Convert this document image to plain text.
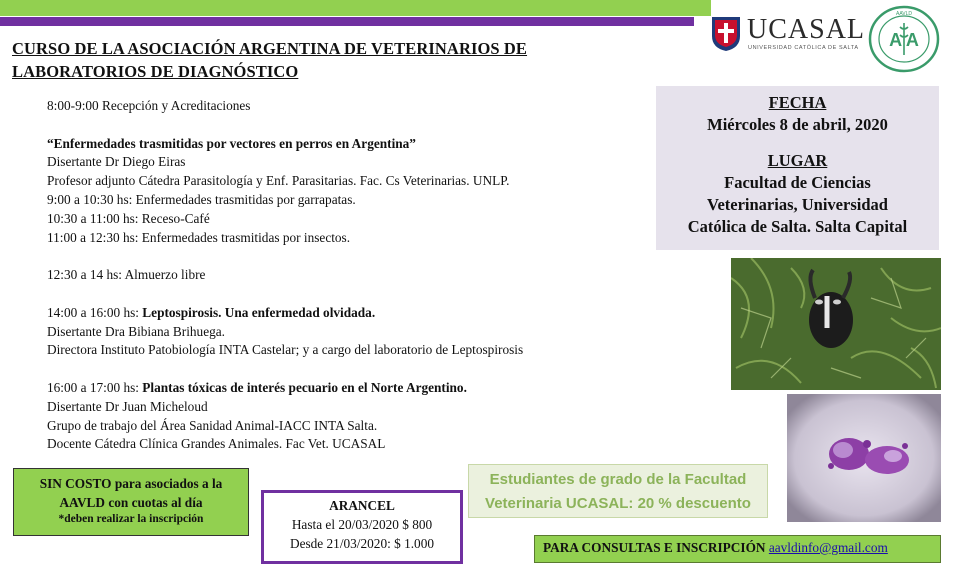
CURSO DE LA ASOCIACIÓN ARGENTINA DE VETERINARIOS DE
LABORATORIOS DE DIAGNÓSTICO
UCASAL
UNIVERSIDAD CATÓLICA DE SALTA A A
AAVLD

8:00-9:00 Recepción y Acreditaciones

“Enfermedades trasmitidas por vectores en perros en Argentina”

Disertante Dr Diego Eiras

Profesor adjunto Cátedra Parasitología y Enf. Parasitarias. Fac. Cs Veterinarias. UNLP.

9:00 a 10:30 hs: Enfermedades trasmitidas por garrapatas.

10:30 a 11:00 hs: Receso-Café

11:00 a 12:30 hs: Enfermedades trasmitidas por insectos.

12:30 a 14 hs: Almuerzo libre

14:00 a 16:00 hs: Leptospirosis. Una enfermedad olvidada.

Disertante Dra Bibiana Brihuega.

Directora Instituto Patobiología INTA Castelar; y a cargo del laboratorio de Leptospirosis

16:00 a 17:00 hs: Plantas tóxicas de interés pecuario en el Norte Argentino.

Disertante Dr Juan Micheloud

Grupo de trabajo del Área Sanidad Animal-IACC INTA Salta.

Docente Cátedra Clínica Grandes Animales. Fac Vet. UCASAL

FECHA
Miércoles 8 de abril, 2020
LUGAR
Facultad de Ciencias
Veterinarias, Universidad
Católica de Salta. Salta Capital
SIN COSTO para asociados a la
AAVLD con cuotas al día
*deben realizar la inscripción
ARANCEL
Hasta el 20/03/2020 $ 800
Desde 21/03/2020: $ 1.000
Estudiantes de grado de la Facultad
Veterinaria UCASAL: 20 % descuento
PARA CONSULTAS E INSCRIPCIÓN aavldinfo@gmail.com
